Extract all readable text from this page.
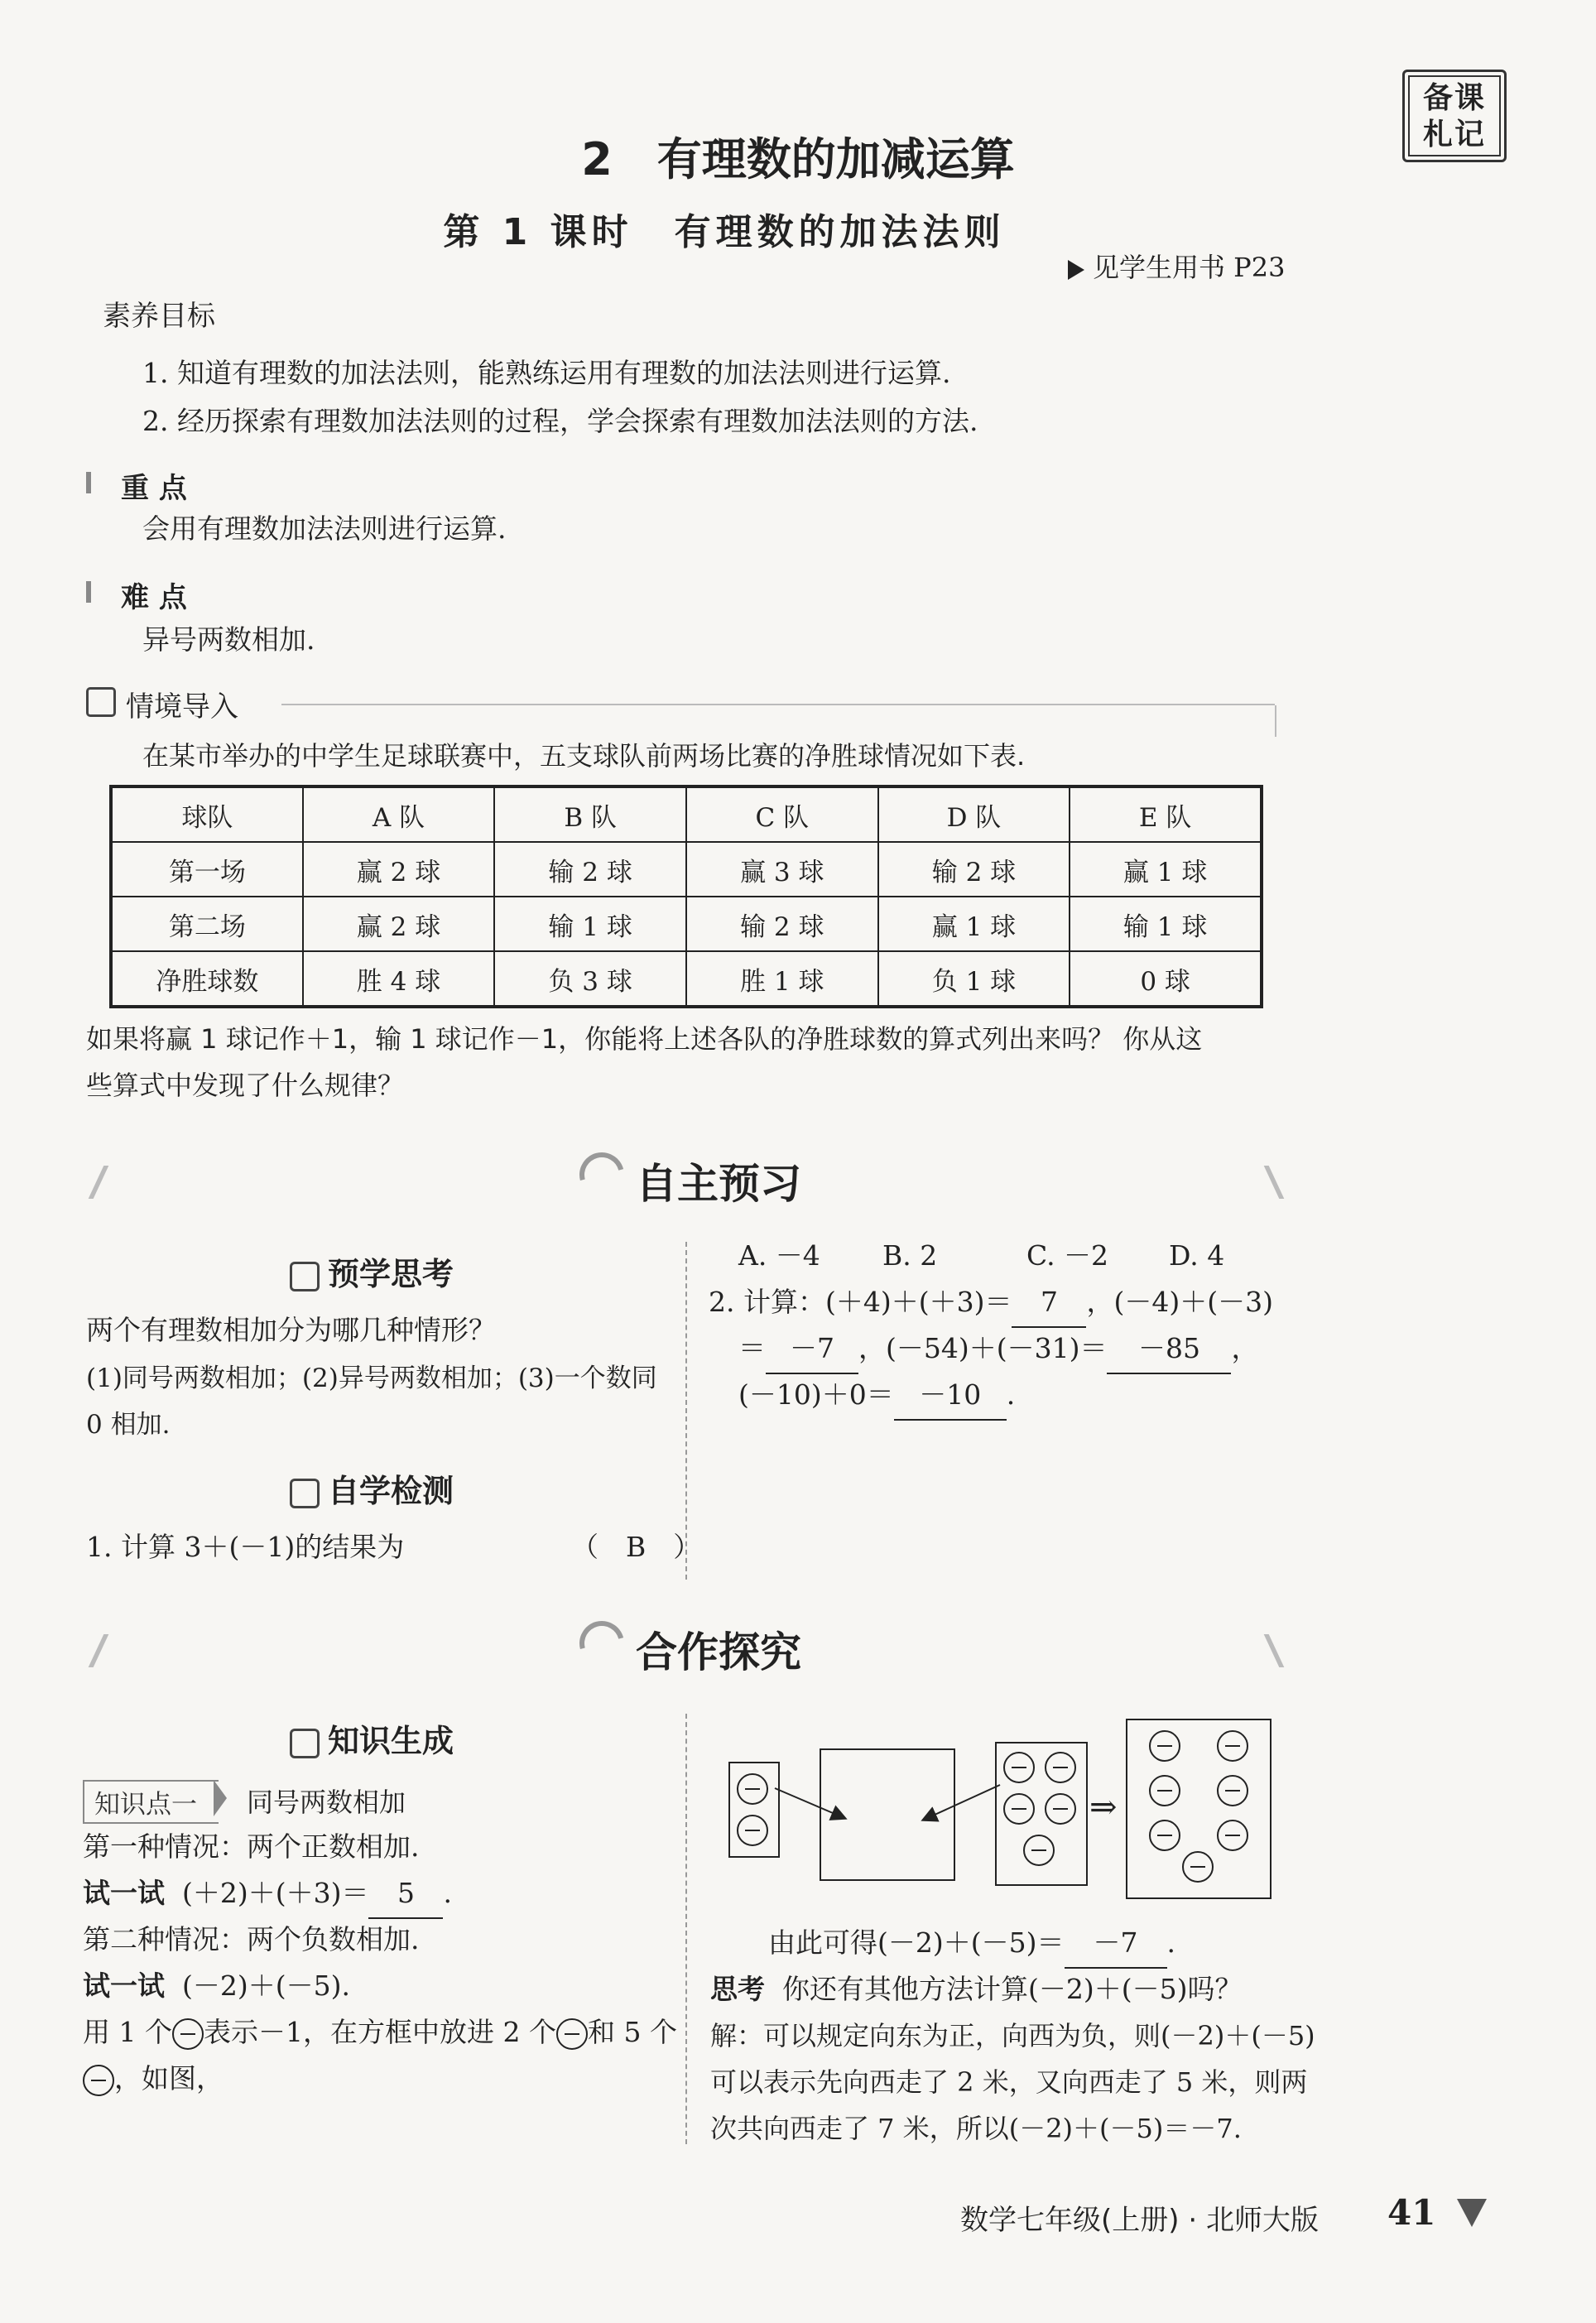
备课
札记
2　有理数的加减运算
第 1 课时　有理数的加法法则
见学生用书 P23
素养目标
1. 知道有理数的加法法则，能熟练运用有理数的加法法则进行运算.
2. 经历探索有理数加法法则的过程，学会探索有理数加法法则的方法.
重 点
会用有理数加法法则进行运算.
难 点
异号两数相加.
情境导入
在某市举办的中学生足球联赛中，五支球队前两场比赛的净胜球情况如下表.
球队	A 队	B 队	C 队	D 队	E 队
第一场	赢 2 球	输 2 球	赢 3 球	输 2 球	赢 1 球
第二场	赢 2 球	输 1 球	输 2 球	赢 1 球	输 1 球
净胜球数	胜 4 球	负 3 球	胜 1 球	负 1 球	0 球
如果将赢 1 球记作＋1，输 1 球记作－1，你能将上述各队的净胜球数的算式列出来吗？ 你从这
些算式中发现了什么规律？
自主预习
预学思考
两个有理数相加分为哪几种情形？
(1)同号两数相加；(2)异号两数相加；(3)一个数同
0 相加.
自学检测
1. 计算 3＋(－1)的结果为	（　B　）
A. －4 B. 2	C. －2 D. 4
2. 计算：(＋4)＋(＋3)＝ 7 ，(－4)＋(－3)
＝ －7 ，(－54)＋(－31)＝ －85 ，
(－10)＋0＝ －10 .
合作探究
知识生成
知识点一	同号两数相加
第一种情况：两个正数相加.
试一试 (＋2)＋(＋3)＝ 5 .
第二种情况：两个负数相加.
试一试 (－2)＋(－5).
用 1 个 表示－1，在方框中放进 2 个 和 5 个
，如图，
⇒
由此可得(－2)＋(－5)＝ －7 .
思考 你还有其他方法计算(－2)＋(－5)吗？
解：可以规定向东为正，向西为负，则(－2)＋(－5)
可以表示先向西走了 2 米，又向西走了 5 米，则两
次共向西走了 7 米，所以(－2)＋(－5)＝－7.
数学七年级(上册) · 北师大版 41
